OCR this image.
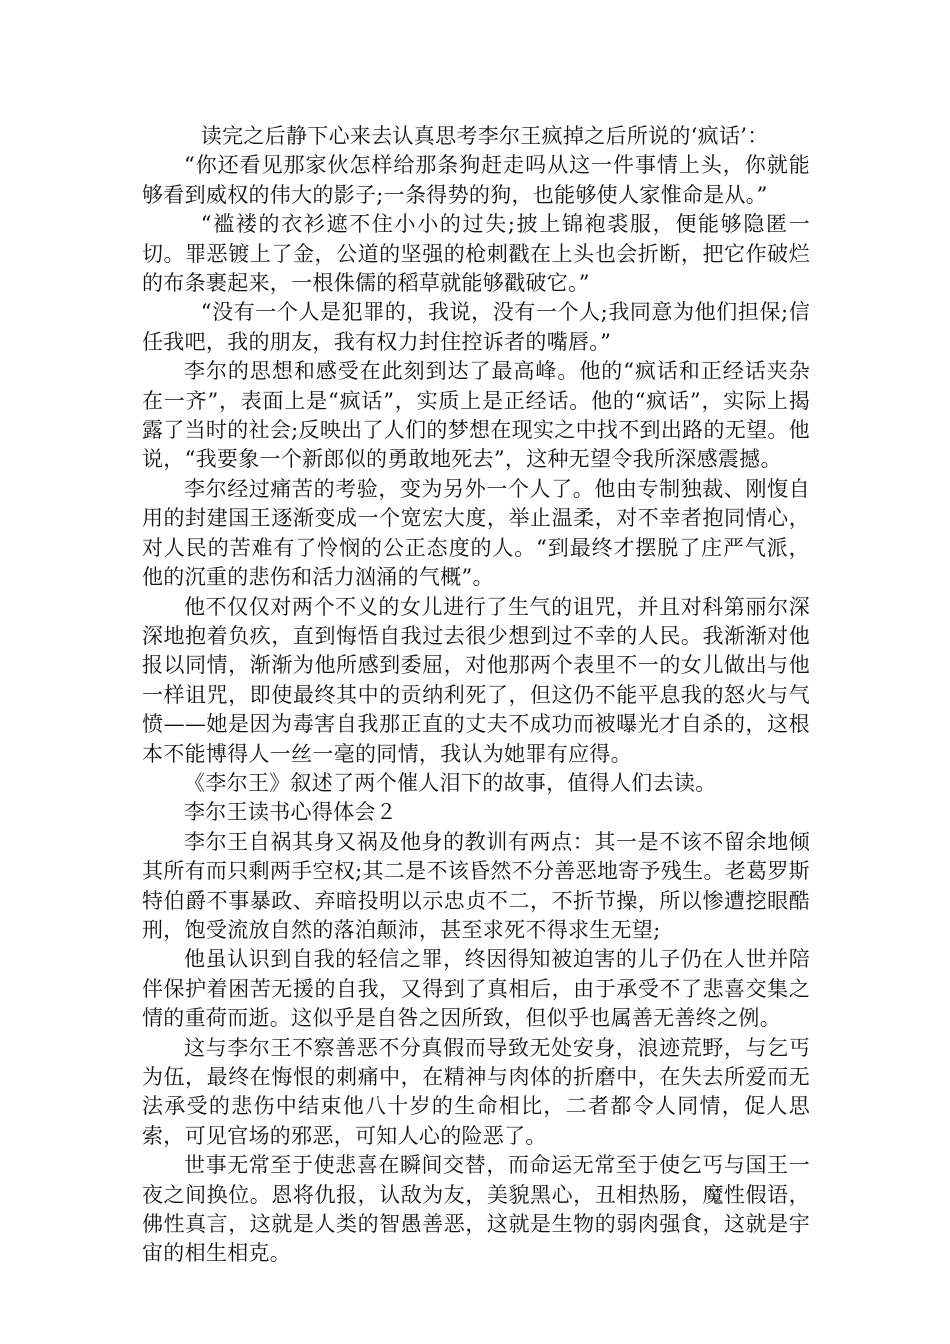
读完之后静下心来去认真思考李尔王疯掉之后所说的‘疯话’：

“你还看见那家伙怎样给那条狗赶走吗从这一件事情上头，你就能够看到威权的伟大的影子;一条得势的狗，也能够使人家惟命是从。”

“褴褛的衣衫遮不住小小的过失;披上锦袍裘服，便能够隐匿一切。罪恶镀上了金，公道的坚强的枪刺戳在上头也会折断，把它作破烂的布条裹起来，一根侏儒的稻草就能够戳破它。”

“没有一个人是犯罪的，我说，没有一个人;我同意为他们担保;信任我吧，我的朋友，我有权力封住控诉者的嘴唇。”

李尔的思想和感受在此刻到达了最高峰。他的“疯话和正经话夹杂在一齐”，表面上是“疯话”，实质上是正经话。他的“疯话”，实际上揭露了当时的社会;反映出了人们的梦想在现实之中找不到出路的无望。他说，“我要象一个新郎似的勇敢地死去”，这种无望令我所深感震撼。

李尔经过痛苦的考验，变为另外一个人了。他由专制独裁、刚愎自用的封建国王逐渐变成一个宽宏大度，举止温柔，对不幸者抱同情心，对人民的苦难有了怜悯的公正态度的人。“到最终才摆脱了庄严气派，他的沉重的悲伤和活力汹涌的气概”。

他不仅仅对两个不义的女儿进行了生气的诅咒，并且对科第丽尔深深地抱着负疚，直到悔悟自我过去很少想到过不幸的人民。我渐渐对他报以同情，渐渐为他所感到委屈，对他那两个表里不一的女儿做出与他一样诅咒，即使最终其中的贡纳利死了，但这仍不能平息我的怒火与气愤——她是因为毒害自我那正直的丈夫不成功而被曝光才自杀的，这根本不能博得人一丝一毫的同情，我认为她罪有应得。

《李尔王》叙述了两个催人泪下的故事，值得人们去读。

李尔王读书心得体会２

李尔王自祸其身又祸及他身的教训有两点：其一是不该不留余地倾其所有而只剩两手空权;其二是不该昏然不分善恶地寄予残生。老葛罗斯特伯爵不事暴政、弃暗投明以示忠贞不二，不折节操，所以惨遭挖眼酷刑，饱受流放自然的落泊颠沛，甚至求死不得求生无望;

他虽认识到自我的轻信之罪，终因得知被迫害的儿子仍在人世并陪伴保护着困苦无援的自我，又得到了真相后，由于承受不了悲喜交集之情的重荷而逝。这似乎是自咎之因所致，但似乎也属善无善终之例。

这与李尔王不察善恶不分真假而导致无处安身，浪迹荒野，与乞丐为伍，最终在悔恨的刺痛中，在精神与肉体的折磨中，在失去所爱而无法承受的悲伤中结束他八十岁的生命相比，二者都令人同情，促人思索，可见官场的邪恶，可知人心的险恶了。

世事无常至于使悲喜在瞬间交替，而命运无常至于使乞丐与国王一夜之间换位。恩将仇报，认敌为友，美貌黑心，丑相热肠，魔性假语，佛性真言，这就是人类的智愚善恶，这就是生物的弱肉强食，这就是宇宙的相生相克。
